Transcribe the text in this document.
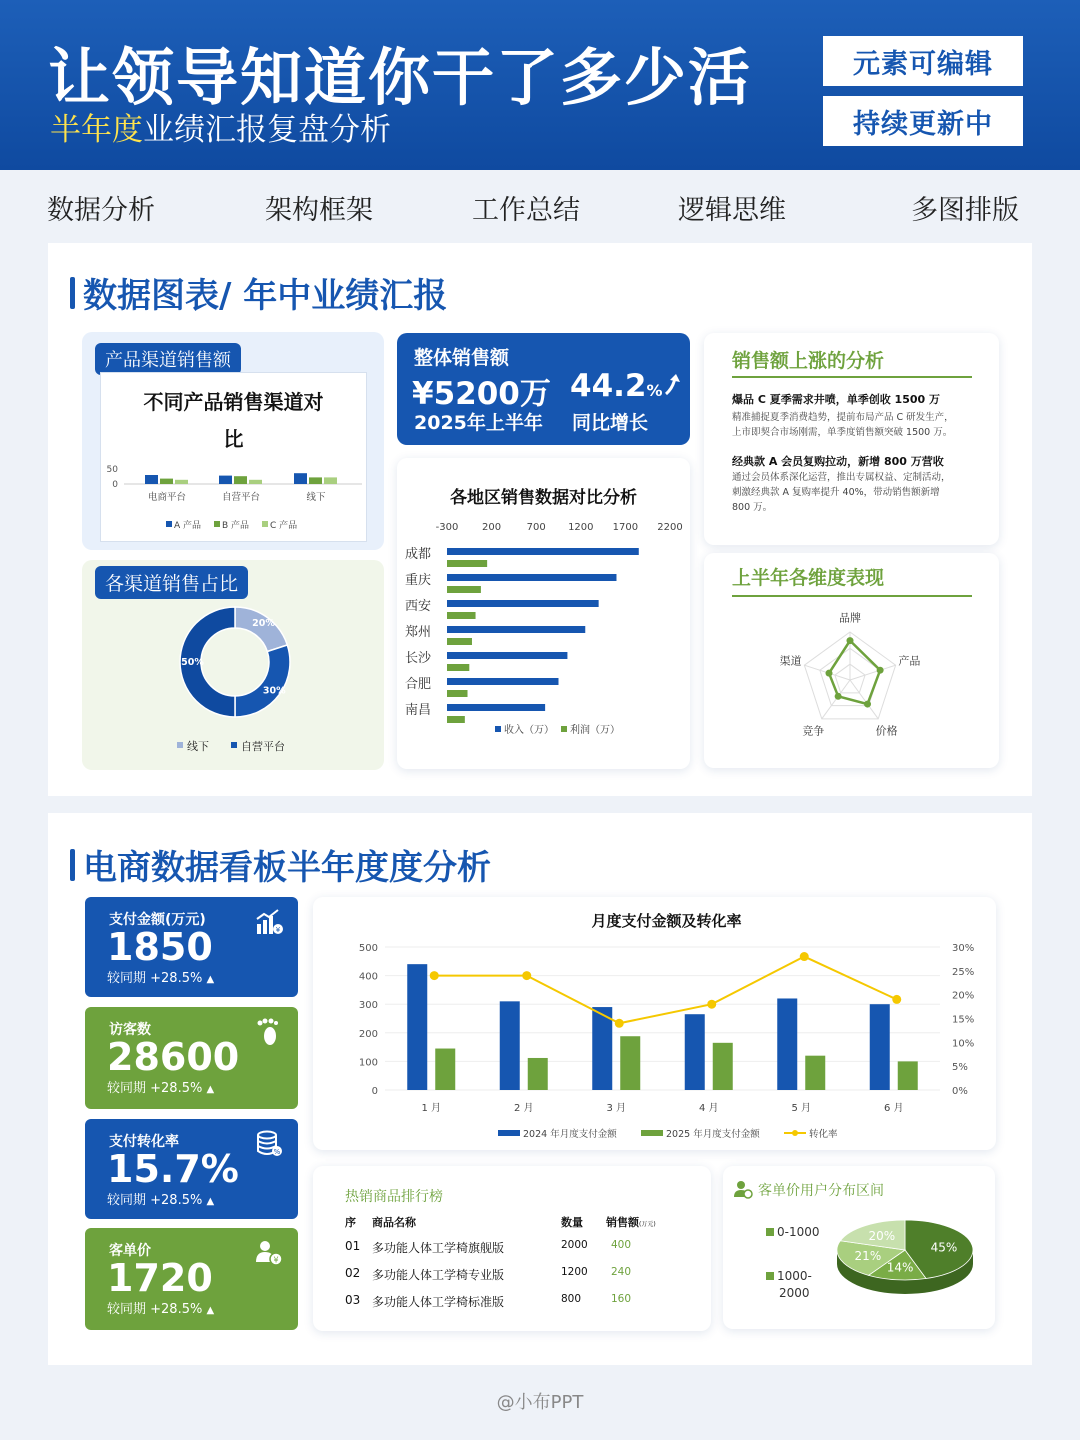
让领导知道你干了多少活
半年度业绩汇报复盘分析
元素可编辑
持续更新中
数据分析	架构框架	工作总结	逻辑思维	多图排版
数据图表/ 年中业绩汇报
产品渠道销售额
不同产品销售渠道对
比
50
0
电商平台	自营平台	线下
A 产品 B 产品 C 产品
各渠道销售占比
20%
30%
50%
线下	自营平台
整体销售额
¥5200万
2025年上半年
44.2%
同比增长
各地区销售数据对比分析
-300 200	700 1200 1700 2200
成都
重庆
西安
郑州
长沙
合肥
南昌
收入（万） 利润（万）
销售额上涨的分析
爆品 C 夏季需求井喷，单季创收 1500 万
精准捕捉夏季消费趋势，提前布局产品 C 研发生产，
上市即契合市场刚需，单季度销售额突破 1500 万。
经典款 A 会员复购拉动，新增 800 万营收
通过会员体系深化运营，推出专属权益、定制活动，
刺激经典款 A 复购率提升 40%，带动销售额新增
800 万。
上半年各维度表现
品牌
产品
价格
竞争
渠道
电商数据看板半年度度分析
支付金额(万元)
1850
较同期 +28.5% ▲
¥
访客数
28600
较同期 +28.5% ▲
支付转化率
15.7%
较同期 +28.5% ▲
%
客单价
1720
较同期 +28.5% ▲
¥
月度支付金额及转化率
500
400
300
200
100
0
30%
25%
20%
15%
10%
5%
0%
1 月	2 月	3 月	4 月	5 月	6 月
2024 年月度支付金额	2025 年月度支付金额	转化率
热销商品排行榜
序 商品名称	数量 销售额(万元)
01 多功能人体工学椅旗舰版	2000 400
02 多功能人体工学椅专业版	1200 240
03 多功能人体工学椅标准版	800	160
客单价用户分布区间
0-1000
1000-
2000
45%
14%
21%
20%
@小布PPT
